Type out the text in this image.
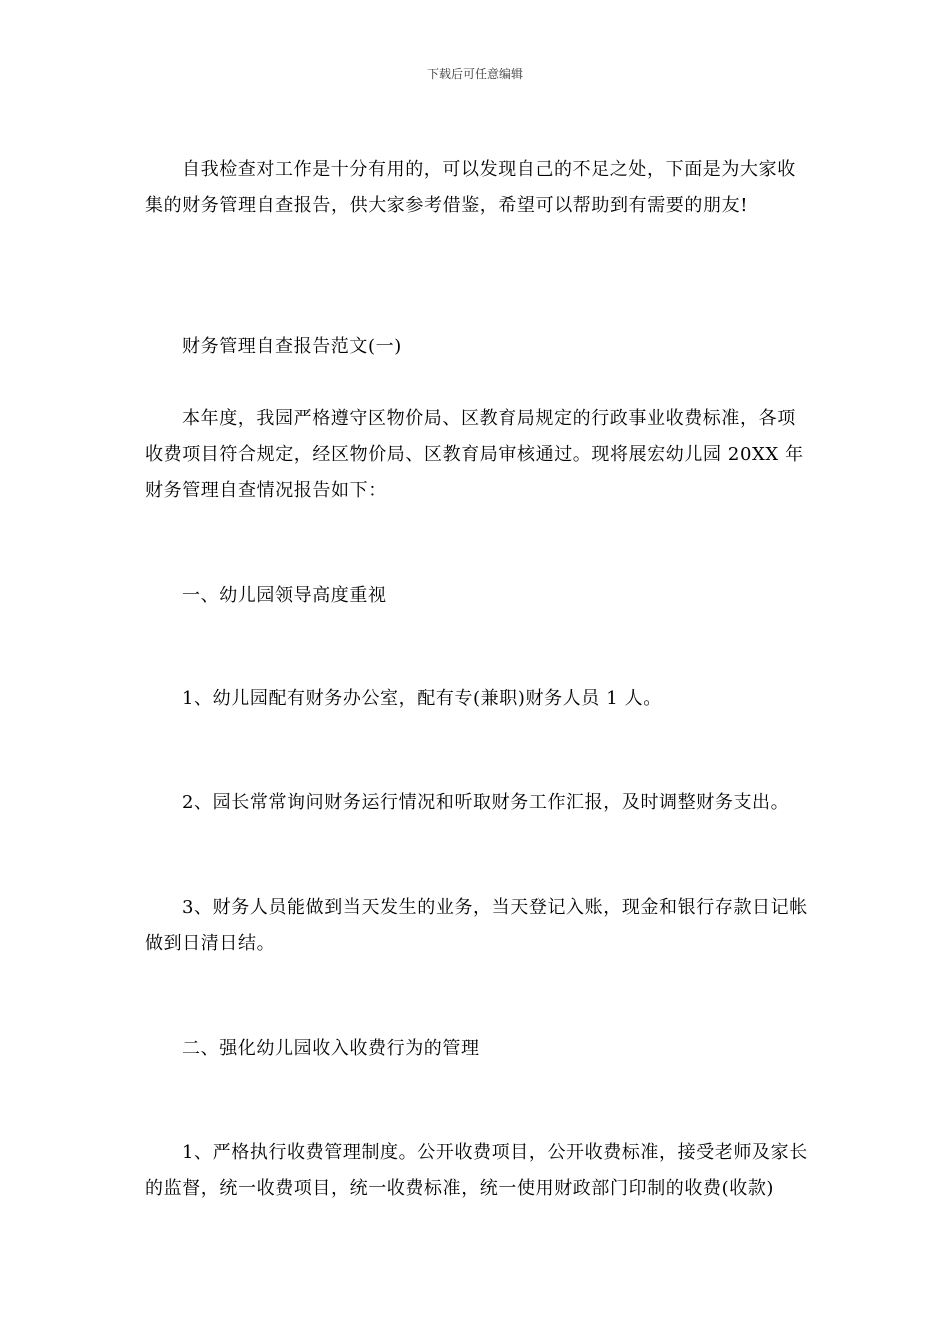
下载后可任意编辑
自我检查对工作是十分有用的，可以发现自己的不足之处，下面是为大家收集的财务管理自查报告，供大家参考借鉴，希望可以帮助到有需要的朋友!
财务管理自查报告范文(一)
本年度，我园严格遵守区物价局、区教育局规定的行政事业收费标准，各项收费项目符合规定，经区物价局、区教育局审核通过。现将展宏幼儿园 20XX 年财务管理自查情况报告如下：
一、幼儿园领导高度重视
1、幼儿园配有财务办公室，配有专(兼职)财务人员 1 人。
2、园长常常询问财务运行情况和听取财务工作汇报，及时调整财务支出。
3、财务人员能做到当天发生的业务，当天登记入账，现金和银行存款日记帐做到日清日结。
二、强化幼儿园收入收费行为的管理
1、严格执行收费管理制度。公开收费项目，公开收费标准，接受老师及家长的监督，统一收费项目，统一收费标准，统一使用财政部门印制的收费(收款)
